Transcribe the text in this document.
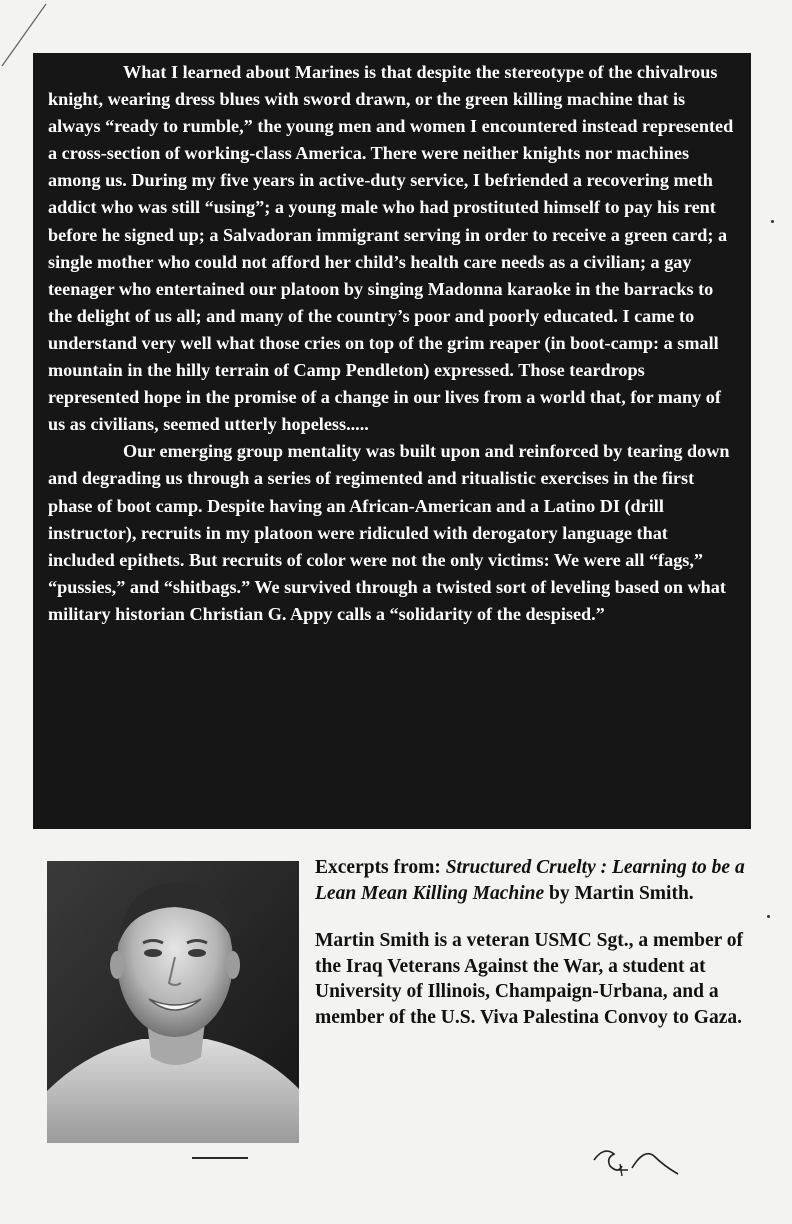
What I learned about Marines is that despite the stereotype of the chivalrous knight, wearing dress blues with sword drawn, or the green killing machine that is always “ready to rumble,” the young men and women I encountered instead represented a cross-section of working-class America. There were neither knights nor machines among us. During my five years in active-duty service, I befriended a recovering meth addict who was still “using”; a young male who had prostituted himself to pay his rent before he signed up; a Salvadoran immigrant serving in order to receive a green card; a single mother who could not afford her child’s health care needs as a civilian; a gay teenager who entertained our platoon by singing Madonna karaoke in the barracks to the delight of us all; and many of the country’s poor and poorly educated. I came to understand very well what those cries on top of the grim reaper (in boot-camp: a small mountain in the hilly terrain of Camp Pendleton) expressed. Those teardrops represented hope in the promise of a change in our lives from a world that, for many of us as civilians, seemed utterly hopeless.....

Our emerging group mentality was built upon and reinforced by tearing down and degrading us through a series of regimented and ritualistic exercises in the first phase of boot camp. Despite having an African-American and a Latino DI (drill instructor), recruits in my platoon were ridiculed with derogatory language that included epithets. But recruits of color were not the only victims: We were all “fags,” “pussies,” and “shitbags.” We survived through a twisted sort of leveling based on what military historian Christian G. Appy calls a “solidarity of the despised.”

Excerpts from: Structured Cruelty : Learning to be a Lean Mean Killing Machine by Martin Smith.

Martin Smith is a veteran USMC Sgt., a member of the Iraq Veterans Against the War, a student at University of Illinois, Champaign-Urbana, and a member of the U.S. Viva Palestina Convoy to Gaza.
